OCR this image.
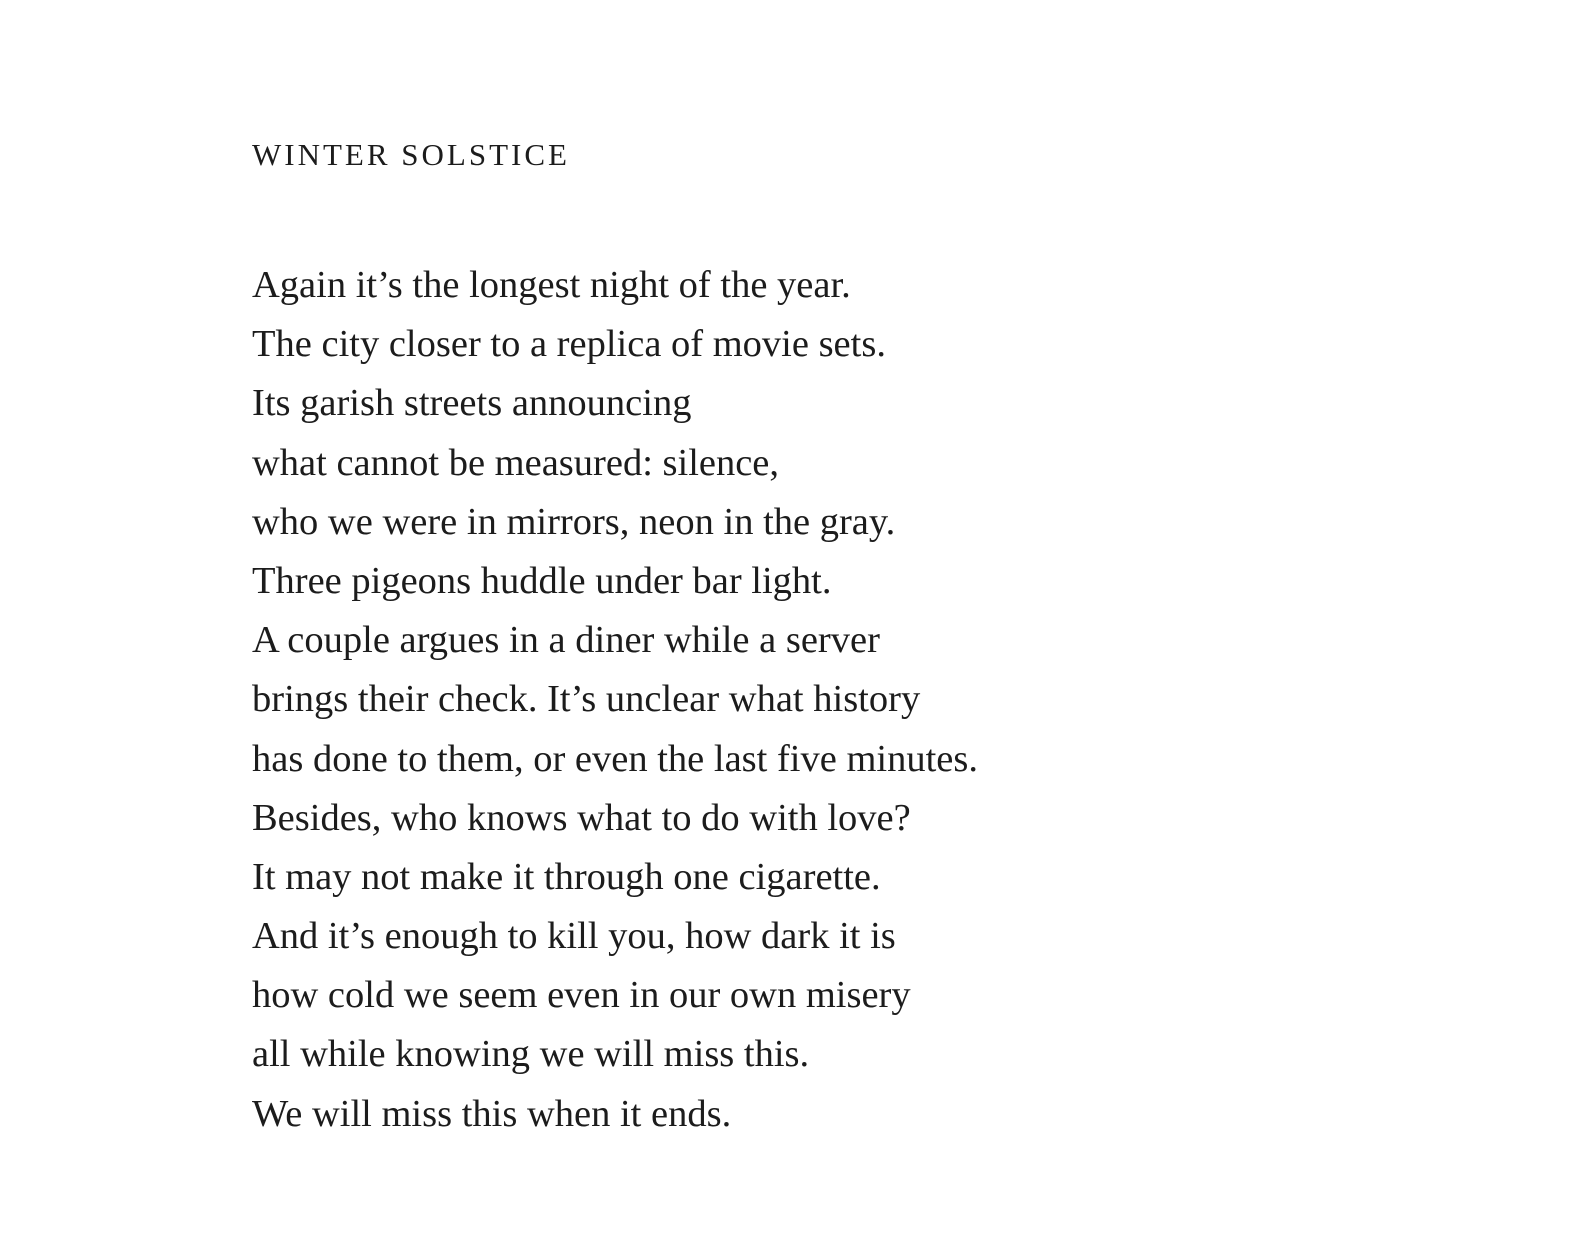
WINTER SOLSTICE
Again it’s the longest night of the year.
The city closer to a replica of movie sets.
Its garish streets announcing
what cannot be measured: silence,
who we were in mirrors, neon in the gray.
Three pigeons huddle under bar light.
A couple argues in a diner while a server
brings their check. It’s unclear what history
has done to them, or even the last five minutes.
Besides, who knows what to do with love?
It may not make it through one cigarette.
And it’s enough to kill you, how dark it is
how cold we seem even in our own misery
all while knowing we will miss this.
We will miss this when it ends.
